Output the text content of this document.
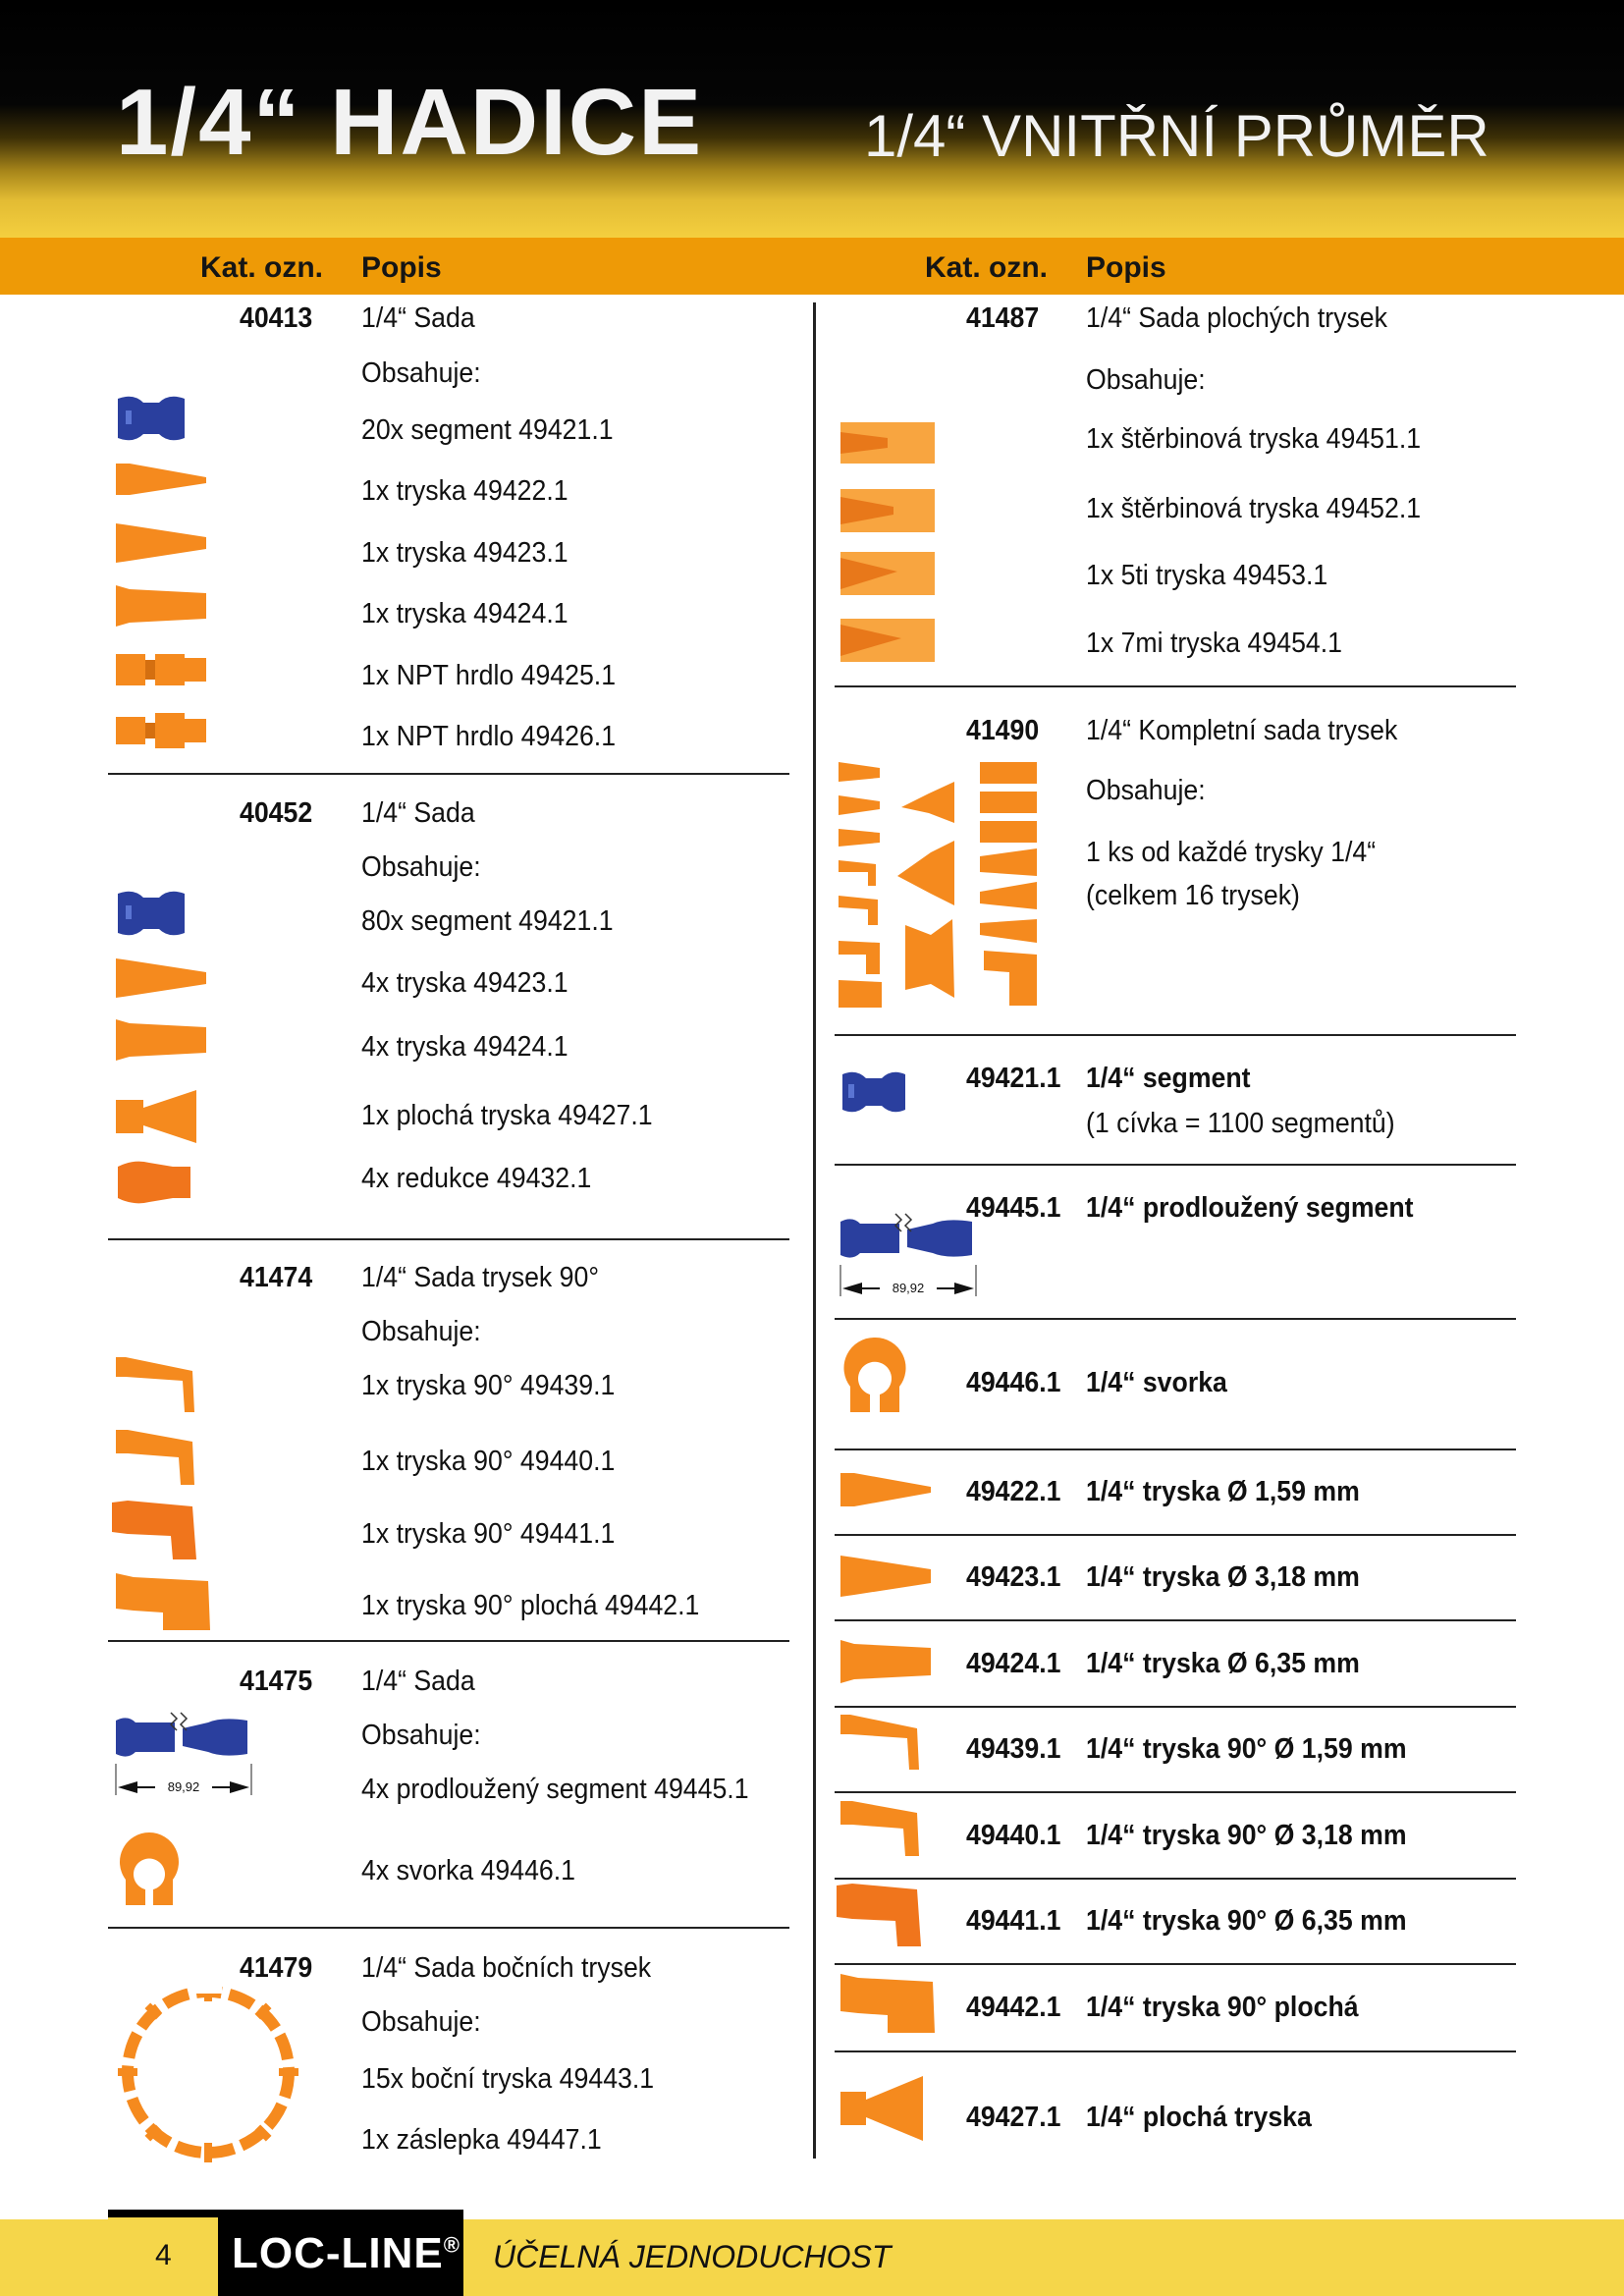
1/4“ HADICE	1/4“ VNITŘNÍ PRŮMĚR
Kat. ozn. Popis	Kat. ozn. Popis
40413 1/4“ Sada
Obsahuje:
20x segment 49421.1
1x tryska 49422.1
1x tryska 49423.1
1x tryska 49424.1
1x NPT hrdlo 49425.1
1x NPT hrdlo 49426.1
40452 1/4“ Sada
Obsahuje:
80x segment 49421.1
4x tryska 49423.1
4x tryska 49424.1
1x plochá tryska 49427.1
4x redukce 49432.1
41474 1/4“ Sada trysek 90°
Obsahuje:
1x tryska 90° 49439.1
1x tryska 90° 49440.1
1x tryska 90° 49441.1
1x tryska 90° plochá 49442.1
41475 1/4“ Sada
Obsahuje:
4x prodloužený segment 49445.1
4x svorka 49446.1
89,92
41479 1/4“ Sada bočních trysek
Obsahuje:
15x boční tryska 49443.1
1x záslepka 49447.1
41487 1/4“ Sada plochých trysek
Obsahuje:
1x štěrbinová tryska 49451.1
1x štěrbinová tryska 49452.1
1x 5ti tryska 49453.1
1x 7mi tryska 49454.1
41490 1/4“ Kompletní sada trysek
Obsahuje:
1 ks od každé trysky 1/4“
(celkem 16 trysek)
49421.1 1/4“ segment
(1 cívka = 1100 segmentů)
89,92
49445.1 1/4“ prodloužený segment
49446.1 1/4“ svorka
49422.1 1/4“ tryska Ø 1,59 mm
49423.1 1/4“ tryska Ø 3,18 mm
49424.1 1/4“ tryska Ø 6,35 mm
49439.1 1/4“ tryska 90° Ø 1,59 mm
49440.1 1/4“ tryska 90° Ø 3,18 mm
49441.1 1/4“ tryska 90° Ø 6,35 mm
49442.1 1/4“ tryska 90° plochá
49427.1 1/4“ plochá tryska
4 LOC-LINE® ÚČELNÁ JEDNODUCHOST
